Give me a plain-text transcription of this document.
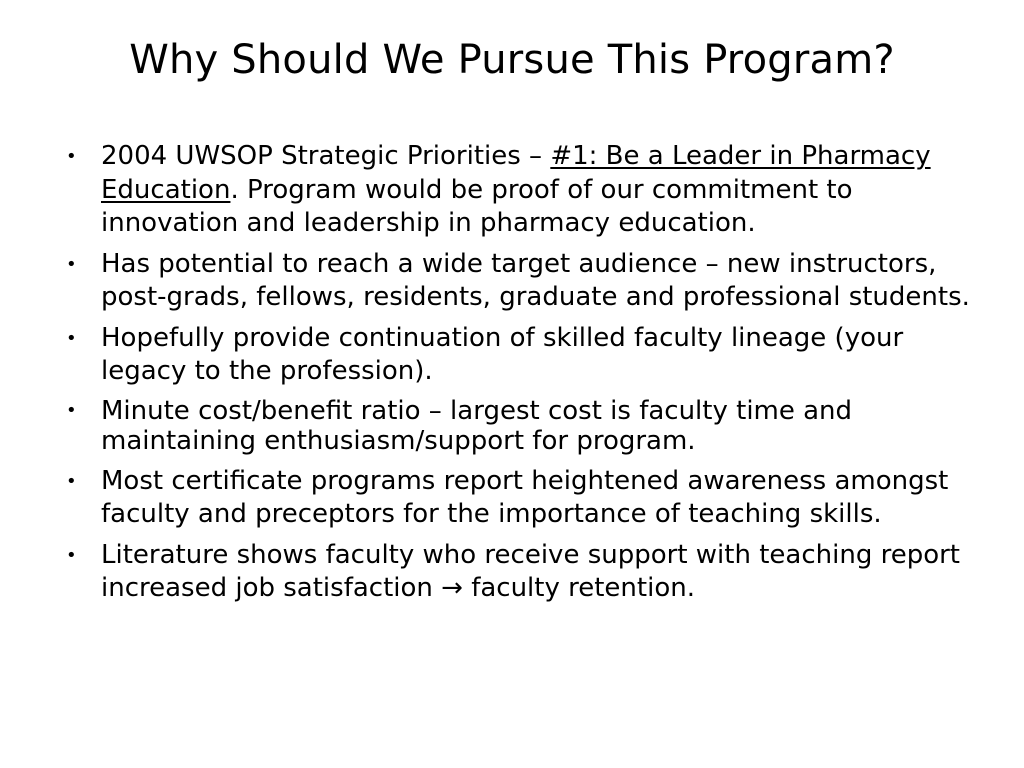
Why Should We Pursue This Program?
• 2004 UWSOP Strategic Priorities – #1: Be a Leader in Pharmacy Education. Program would be proof of our commitment to innovation and leadership in pharmacy education.
• Has potential to reach a wide target audience – new instructors, post-grads, fellows, residents, graduate and professional students.
• Hopefully provide continuation of skilled faculty lineage (your legacy to the profession).
• Minute cost/benefit ratio – largest cost is faculty time and maintaining enthusiasm/support for program.
• Most certificate programs report heightened awareness amongst faculty and preceptors for the importance of teaching skills.
• Literature shows faculty who receive support with teaching report increased job satisfaction → faculty retention.
